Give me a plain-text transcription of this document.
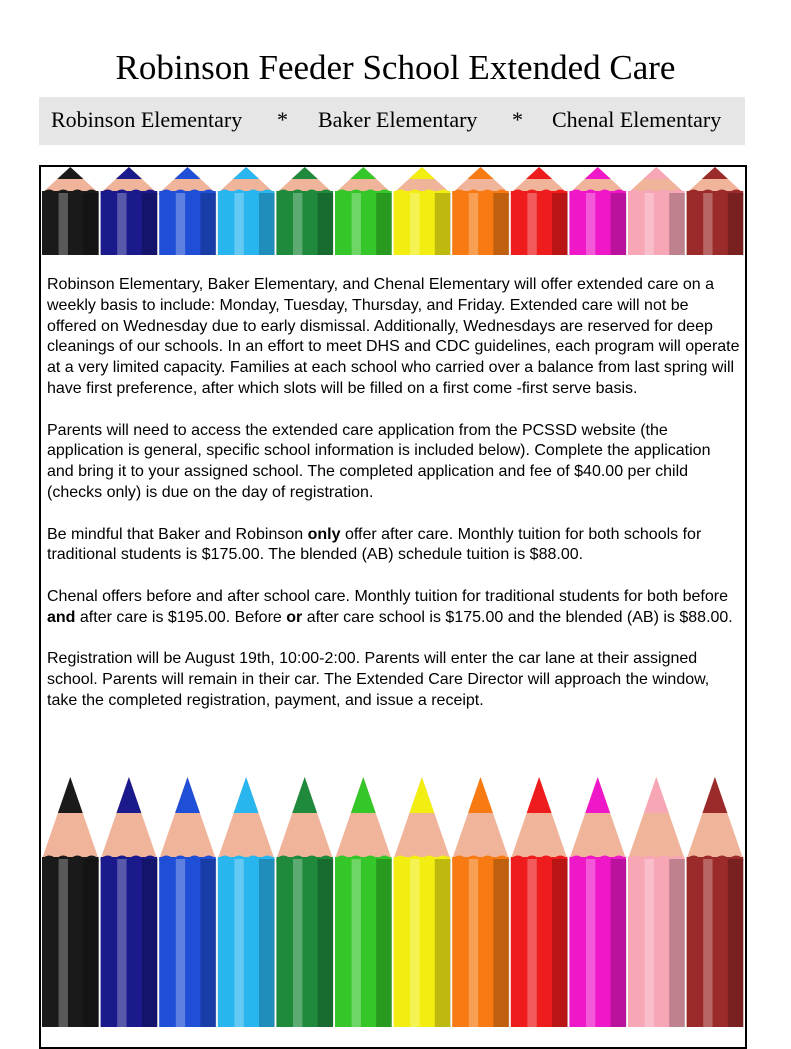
Robinson Feeder School Extended Care
Robinson Elementary * Baker Elementary * Chenal Elementary

Robinson Elementary, Baker Elementary, and Chenal Elementary will offer extended care on a weekly basis to include: Monday, Tuesday, Thursday, and Friday. Extended care will not be offered on Wednesday due to early dismissal. Additionally, Wednesdays are reserved for deep cleanings of our schools. In an effort to meet DHS and CDC guidelines, each program will operate at a very limited capacity. Families at each school who carried over a balance from last spring will have first preference, after which slots will be filled on a first come -first serve basis.

Parents will need to access the extended care application from the PCSSD website (the application is general, specific school information is included below). Complete the application and bring it to your assigned school. The completed application and fee of $40.00 per child (checks only) is due on the day of registration.

Be mindful that Baker and Robinson only offer after care. Monthly tuition for both schools for traditional students is $175.00. The blended (AB) schedule tuition is $88.00.

Chenal offers before and after school care. Monthly tuition for traditional students for both before and after care is $195.00. Before or after care school is $175.00 and the blended (AB) is $88.00.

Registration will be August 19th, 10:00-2:00. Parents will enter the car lane at their assigned school. Parents will remain in their car. The Extended Care Director will approach the window, take the completed registration, payment, and issue a receipt.
